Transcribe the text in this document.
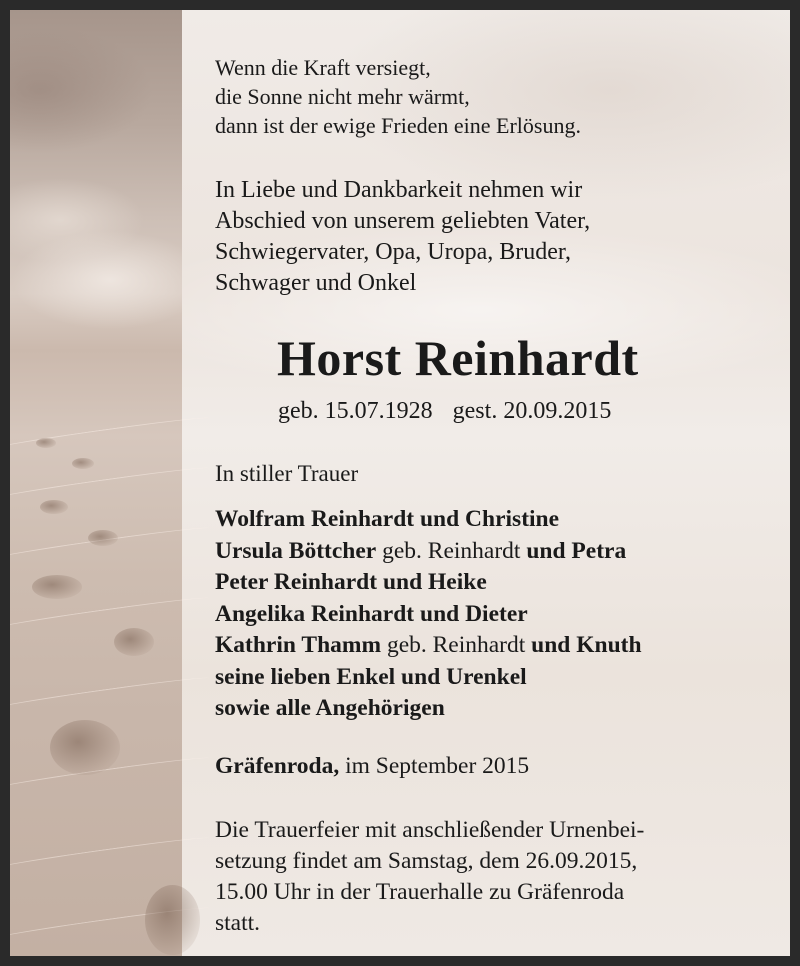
Wenn die Kraft versiegt,
die Sonne nicht mehr wärmt,
dann ist der ewige Frieden eine Erlösung.
In Liebe und Dankbarkeit nehmen wir
Abschied von unserem geliebten Vater,
Schwiegervater, Opa, Uropa, Bruder,
Schwager und Onkel
Horst Reinhardt
geb. 15.07.1928 gest. 20.09.2015
In stiller Trauer
Wolfram Reinhardt und Christine
Ursula Böttcher geb. Reinhardt und Petra
Peter Reinhardt und Heike
Angelika Reinhardt und Dieter
Kathrin Thamm geb. Reinhardt und Knuth
seine lieben Enkel und Urenkel
sowie alle Angehörigen
Gräfenroda, im September 2015
Die Trauerfeier mit anschließender Urnenbei-
setzung findet am Samstag, dem 26.09.2015,
15.00 Uhr in der Trauerhalle zu Gräfenroda
statt.
